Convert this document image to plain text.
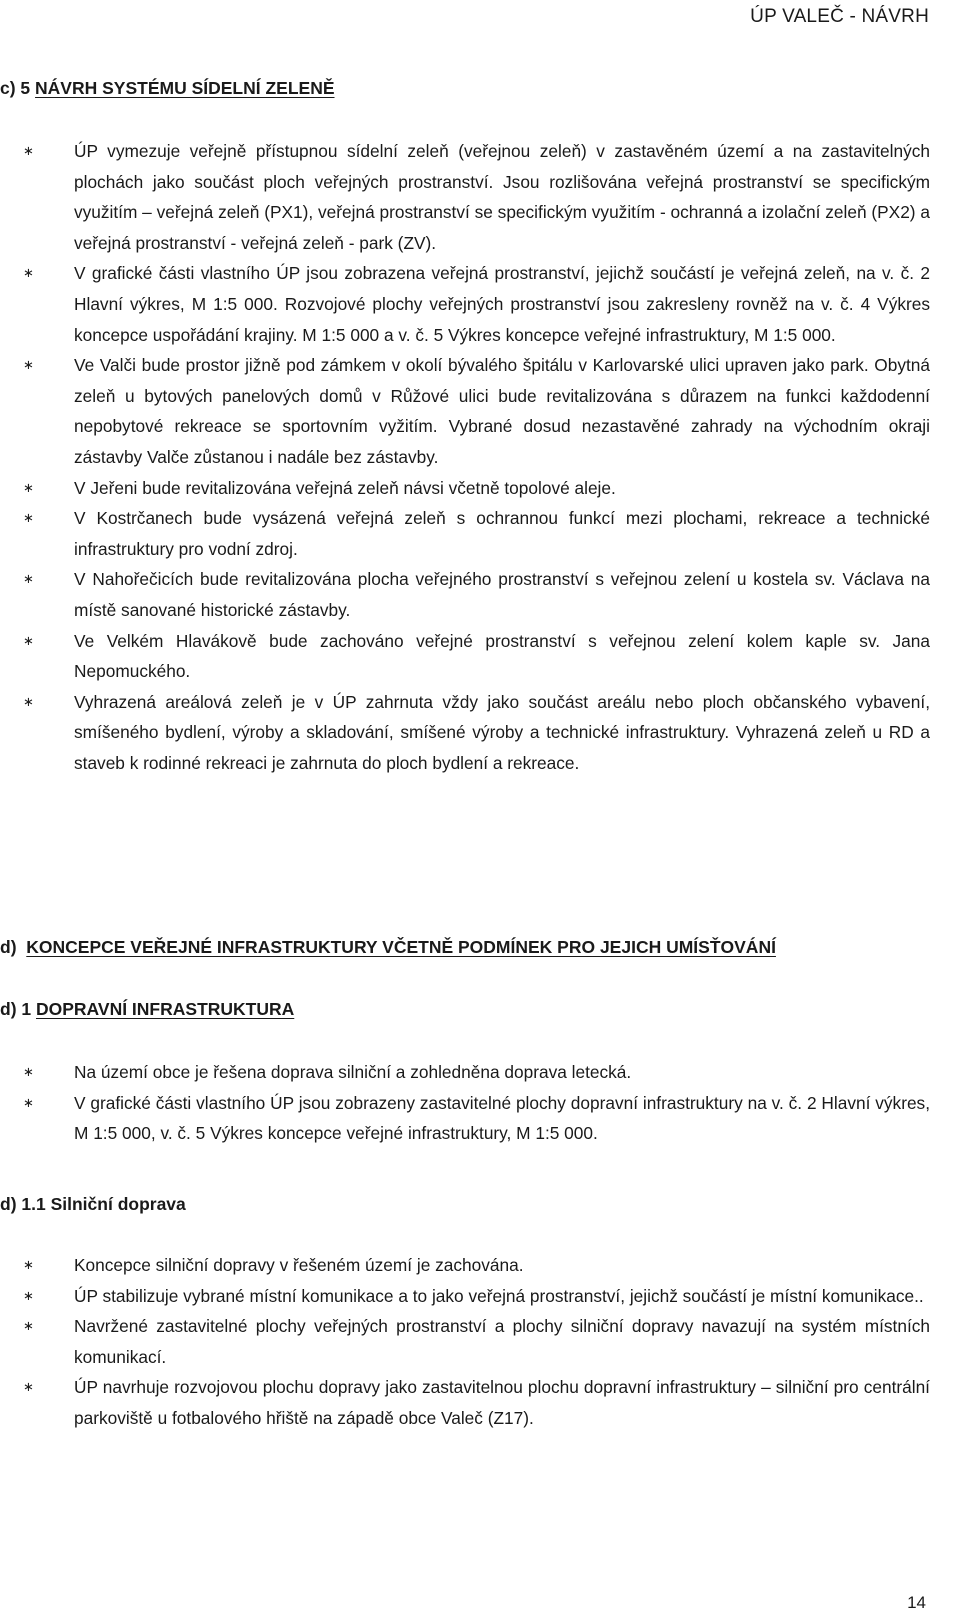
ÚP VALEČ - NÁVRH
c) 5 NÁVRH SYSTÉMU SÍDELNÍ ZELENĚ
∗ ÚP vymezuje veřejně přístupnou sídelní zeleň (veřejnou zeleň) v zastavěném území a na zastavitelných plochách jako součást ploch veřejných prostranství. Jsou rozlišována veřejná prostranství se specifickým využitím – veřejná zeleň (PX1), veřejná prostranství se specifickým využitím - ochranná a izolační zeleň (PX2) a veřejná prostranství - veřejná zeleň - park (ZV).
∗ V grafické části vlastního ÚP jsou zobrazena veřejná prostranství, jejichž součástí je veřejná zeleň, na v. č. 2 Hlavní výkres, M 1:5 000. Rozvojové plochy veřejných prostranství jsou zakresleny rovněž na v. č. 4 Výkres koncepce uspořádání krajiny. M 1:5 000 a v. č. 5 Výkres koncepce veřejné infrastruktury, M 1:5 000.
∗ Ve Valči bude prostor jižně pod zámkem v okolí bývalého špitálu v Karlovarské ulici upraven jako park. Obytná zeleň u bytových panelových domů v Růžové ulici bude revitalizována s důrazem na funkci každodenní nepobytové rekreace se sportovním vyžitím. Vybrané dosud nezastavěné zahrady na východním okraji zástavby Valče zůstanou i nadále bez zástavby.
∗ V Jeřeni bude revitalizována veřejná zeleň návsi včetně topolové aleje.
∗ V Kostrčanech bude vysázená veřejná zeleň s ochrannou funkcí mezi plochami, rekreace a technické infrastruktury pro vodní zdroj.
∗ V Nahořečicích bude revitalizována plocha veřejného prostranství s veřejnou zelení u kostela sv. Václava na místě sanované historické zástavby.
∗ Ve Velkém Hlavákově bude zachováno veřejné prostranství s veřejnou zelení kolem kaple sv. Jana Nepomuckého.
∗ Vyhrazená areálová zeleň je v ÚP zahrnuta vždy jako součást areálu nebo ploch občanského vybavení, smíšeného bydlení, výroby a skladování, smíšené výroby a technické infrastruktury. Vyhrazená zeleň u RD a staveb k rodinné rekreaci je zahrnuta do ploch bydlení a rekreace.
d) KONCEPCE VEŘEJNÉ INFRASTRUKTURY VČETNĚ PODMÍNEK PRO JEJICH UMÍSŤOVÁNÍ
d) 1 DOPRAVNÍ INFRASTRUKTURA
∗ Na území obce je řešena doprava silniční a zohledněna doprava letecká.
∗ V grafické části vlastního ÚP jsou zobrazeny zastavitelné plochy dopravní infrastruktury na v. č. 2 Hlavní výkres, M 1:5 000, v. č. 5 Výkres koncepce veřejné infrastruktury, M 1:5 000.
d) 1.1 Silniční doprava
∗ Koncepce silniční dopravy v řešeném území je zachována.
∗ ÚP stabilizuje vybrané místní komunikace a to jako veřejná prostranství, jejichž součástí je místní komunikace..
∗ Navržené zastavitelné plochy veřejných prostranství a plochy silniční dopravy navazují na systém místních komunikací.
∗ ÚP navrhuje rozvojovou plochu dopravy jako zastavitelnou plochu dopravní infrastruktury – silniční pro centrální parkoviště u fotbalového hřiště na západě obce Valeč (Z17).
14
